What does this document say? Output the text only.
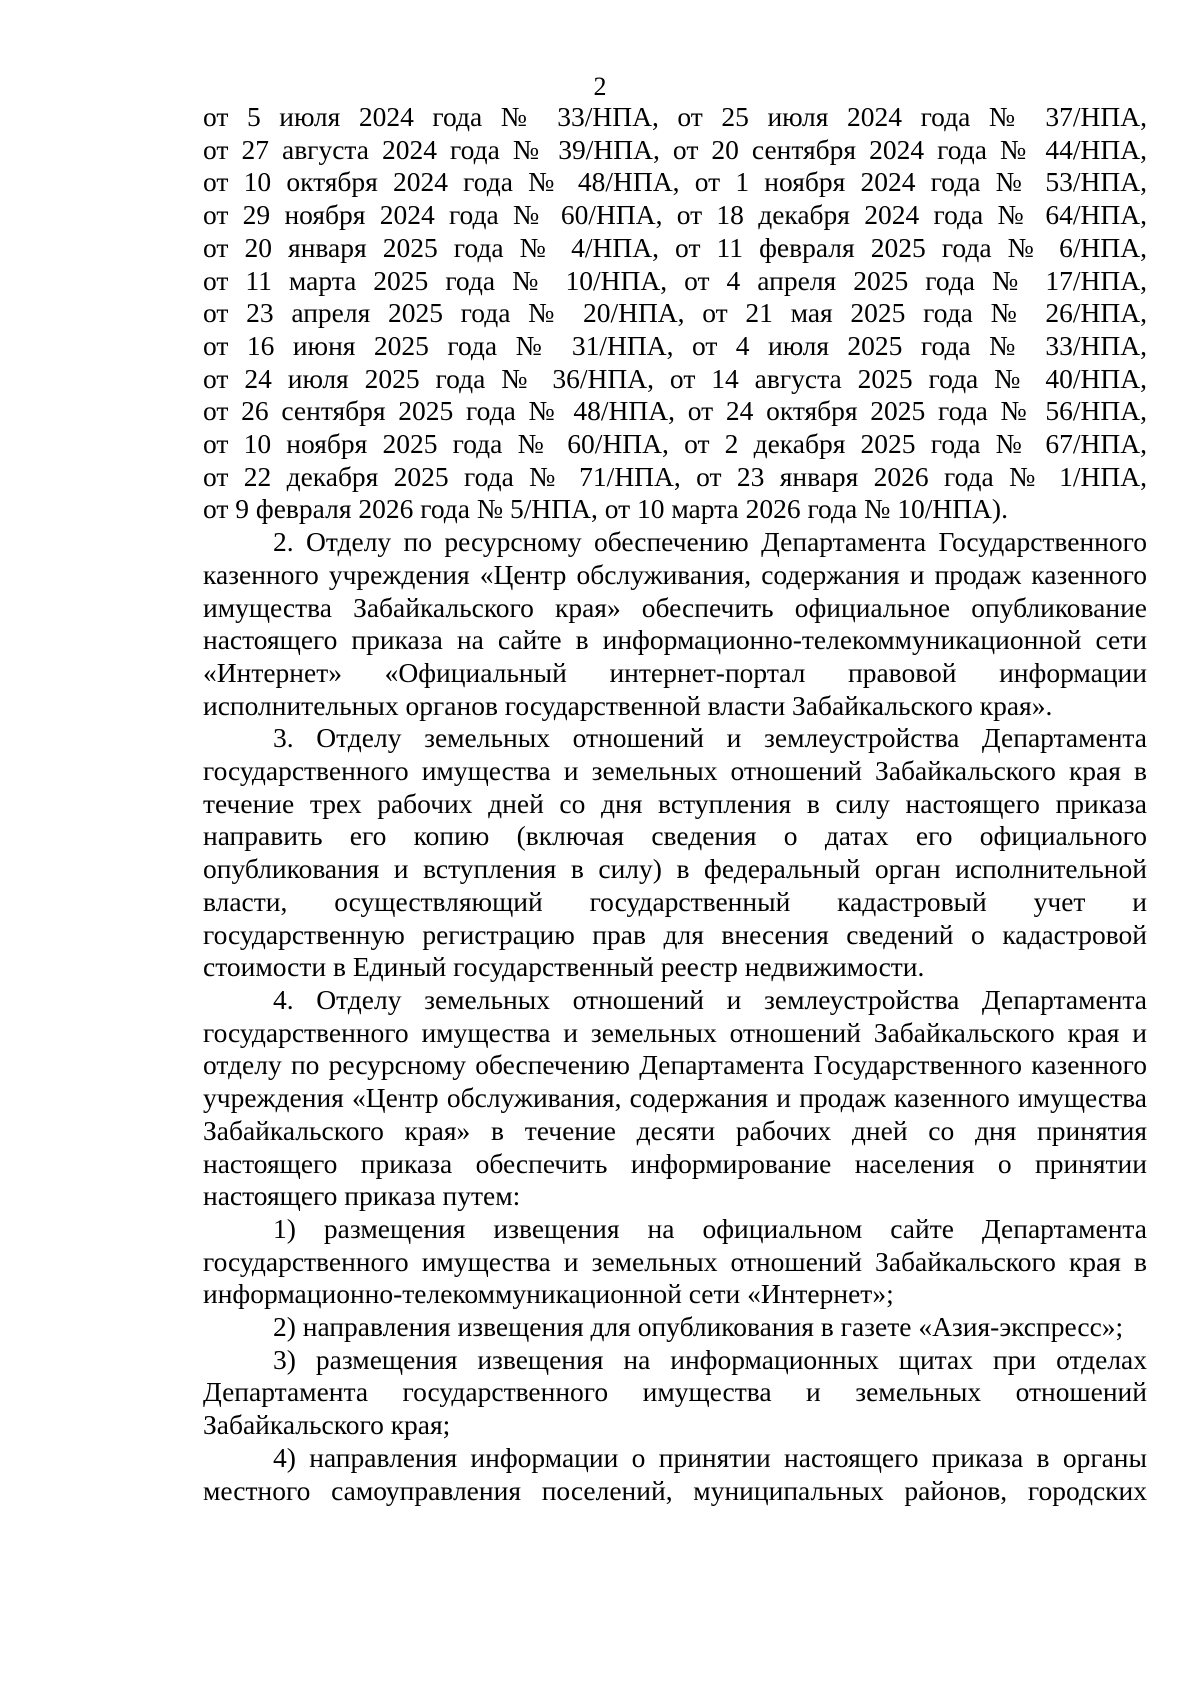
2
от 5 июля 2024 года № 33/НПА, от 25 июля 2024 года № 37/НПА,
от 27 августа 2024 года № 39/НПА, от 20 сентября 2024 года № 44/НПА,
от 10 октября 2024 года № 48/НПА, от 1 ноября 2024 года № 53/НПА,
от 29 ноября 2024 года № 60/НПА, от 18 декабря 2024 года № 64/НПА,
от 20 января 2025 года № 4/НПА, от 11 февраля 2025 года № 6/НПА,
от 11 марта 2025 года № 10/НПА, от 4 апреля 2025 года № 17/НПА,
от 23 апреля 2025 года № 20/НПА, от 21 мая 2025 года № 26/НПА,
от 16 июня 2025 года № 31/НПА, от 4 июля 2025 года № 33/НПА,
от 24 июля 2025 года № 36/НПА, от 14 августа 2025 года № 40/НПА,
от 26 сентября 2025 года № 48/НПА, от 24 октября 2025 года № 56/НПА,
от 10 ноября 2025 года № 60/НПА, от 2 декабря 2025 года № 67/НПА,
от 22 декабря 2025 года № 71/НПА, от 23 января 2026 года № 1/НПА,
от 9 февраля 2026 года № 5/НПА, от 10 марта 2026 года № 10/НПА).

2. Отделу по ресурсному обеспечению Департамента Государственного казенного учреждения «Центр обслуживания, содержания и продаж казенного имущества Забайкальского края» обеспечить официальное опубликование настоящего приказа на сайте в информационно-телекоммуникационной сети «Интернет» «Официальный интернет-портал правовой информации исполнительных органов государственной власти Забайкальского края».

3. Отделу земельных отношений и землеустройства Департамента государственного имущества и земельных отношений Забайкальского края в течение трех рабочих дней со дня вступления в силу настоящего приказа направить его копию (включая сведения о датах его официального опубликования и вступления в силу) в федеральный орган исполнительной власти, осуществляющий государственный кадастровый учет и государственную регистрацию прав для внесения сведений о кадастровой стоимости в Единый государственный реестр недвижимости.

4. Отделу земельных отношений и землеустройства Департамента государственного имущества и земельных отношений Забайкальского края и отделу по ресурсному обеспечению Департамента Государственного казенного учреждения «Центр обслуживания, содержания и продаж казенного имущества Забайкальского края» в течение десяти рабочих дней со дня принятия настоящего приказа обеспечить информирование населения о принятии настоящего приказа путем:

1) размещения извещения на официальном сайте Департамента государственного имущества и земельных отношений Забайкальского края в информационно-телекоммуникационной сети «Интернет»;

2) направления извещения для опубликования в газете «Азия-экспресс»;

3) размещения извещения на информационных щитах при отделах Департамента государственного имущества и земельных отношений Забайкальского края;

4) направления информации о принятии настоящего приказа в органы местного самоуправления поселений, муниципальных районов, городских
